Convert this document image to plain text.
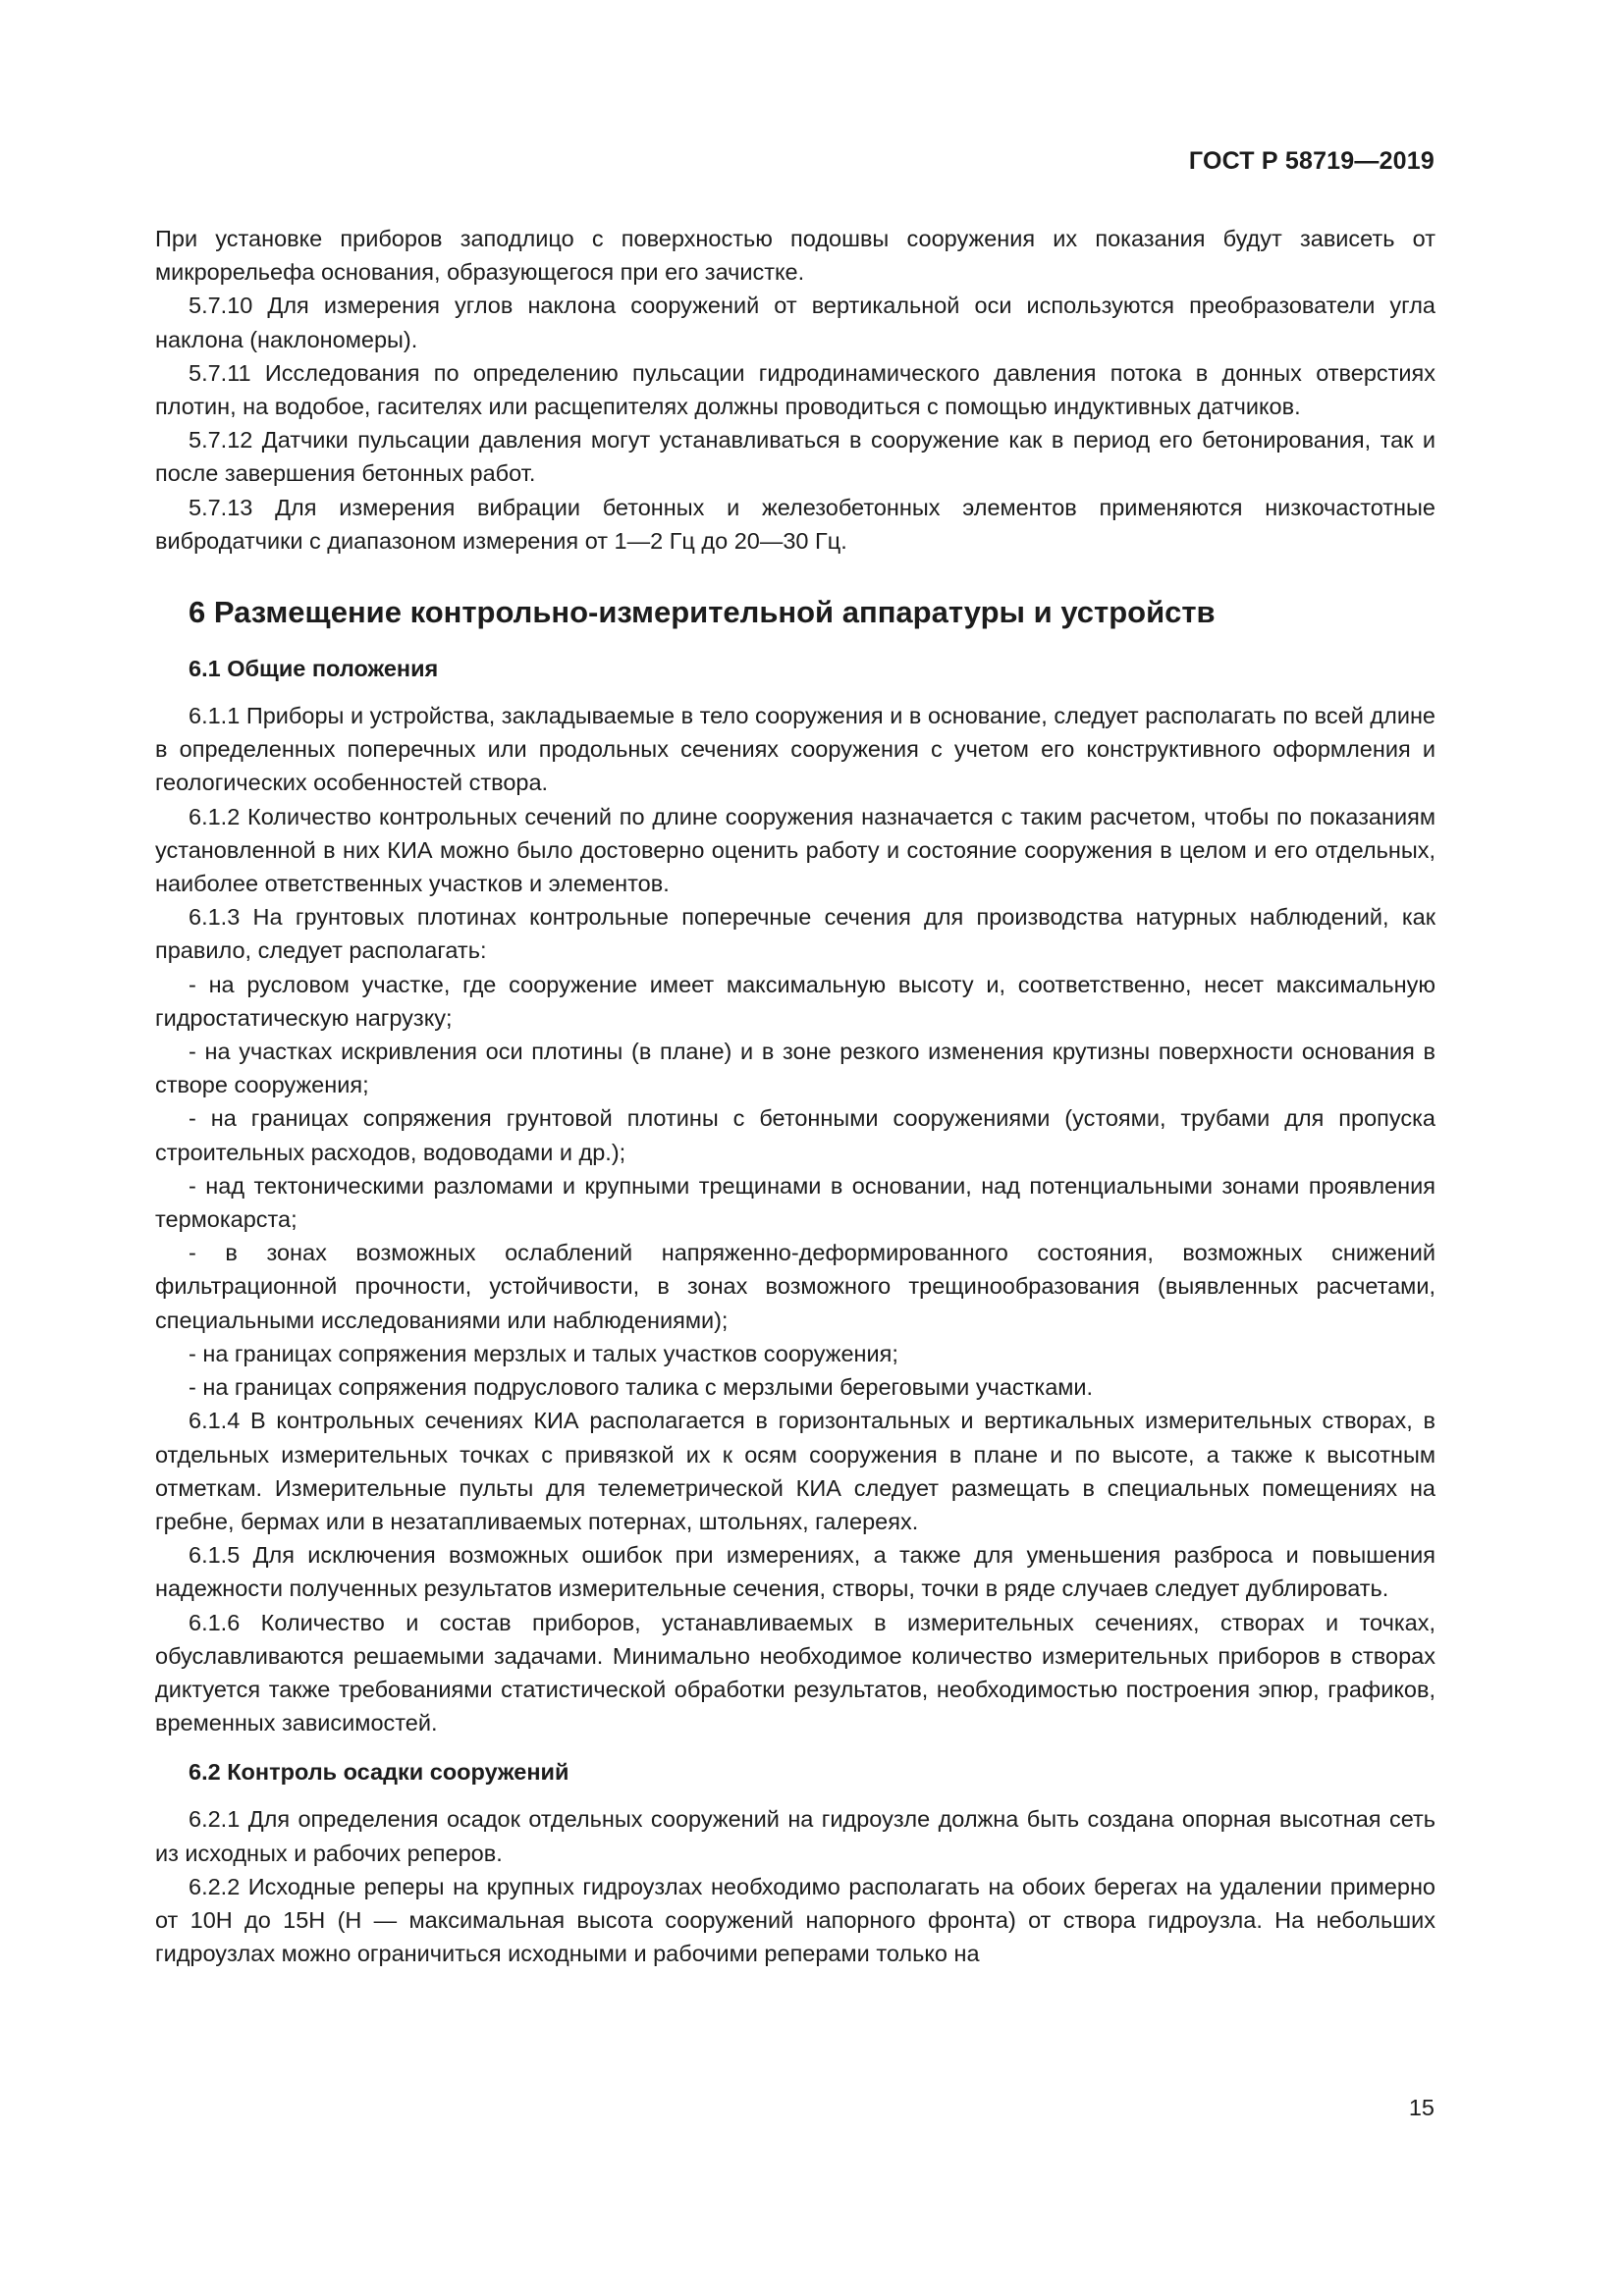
ГОСТ Р 58719—2019

При установке приборов заподлицо с поверхностью подошвы сооружения их показания будут зависеть от микрорельефа основания, образующегося при его зачистке.

5.7.10 Для измерения углов наклона сооружений от вертикальной оси используются преобразователи угла наклона (наклономеры).

5.7.11 Исследования по определению пульсации гидродинамического давления потока в донных отверстиях плотин, на водобое, гасителях или расщепителях должны проводиться с помощью индуктивных датчиков.

5.7.12 Датчики пульсации давления могут устанавливаться в сооружение как в период его бетонирования, так и после завершения бетонных работ.

5.7.13 Для измерения вибрации бетонных и железобетонных элементов применяются низкочастотные вибродатчики с диапазоном измерения от 1—2 Гц до 20—30 Гц.

6 Размещение контрольно-измерительной аппаратуры и устройств
6.1 Общие положения

6.1.1 Приборы и устройства, закладываемые в тело сооружения и в основание, следует располагать по всей длине в определенных поперечных или продольных сечениях сооружения с учетом его конструктивного оформления и геологических особенностей створа.

6.1.2 Количество контрольных сечений по длине сооружения назначается с таким расчетом, чтобы по показаниям установленной в них КИА можно было достоверно оценить работу и состояние сооружения в целом и его отдельных, наиболее ответственных участков и элементов.

6.1.3 На грунтовых плотинах контрольные поперечные сечения для производства натурных наблюдений, как правило, следует располагать:

- на русловом участке, где сооружение имеет максимальную высоту и, соответственно, несет максимальную гидростатическую нагрузку;

- на участках искривления оси плотины (в плане) и в зоне резкого изменения крутизны поверхности основания в створе сооружения;

- на границах сопряжения грунтовой плотины с бетонными сооружениями (устоями, трубами для пропуска строительных расходов, водоводами и др.);

- над тектоническими разломами и крупными трещинами в основании, над потенциальными зонами проявления термокарста;

- в зонах возможных ослаблений напряженно-деформированного состояния, возможных снижений фильтрационной прочности, устойчивости, в зонах возможного трещинообразования (выявленных расчетами, специальными исследованиями или наблюдениями);

- на границах сопряжения мерзлых и талых участков сооружения;

- на границах сопряжения подруслового талика с мерзлыми береговыми участками.

6.1.4 В контрольных сечениях КИА располагается в горизонтальных и вертикальных измерительных створах, в отдельных измерительных точках с привязкой их к осям сооружения в плане и по высоте, а также к высотным отметкам. Измерительные пульты для телеметрической КИА следует размещать в специальных помещениях на гребне, бермах или в незатапливаемых потернах, штольнях, галереях.

6.1.5 Для исключения возможных ошибок при измерениях, а также для уменьшения разброса и повышения надежности полученных результатов измерительные сечения, створы, точки в ряде случаев следует дублировать.

6.1.6 Количество и состав приборов, устанавливаемых в измерительных сечениях, створах и точках, обуславливаются решаемыми задачами. Минимально необходимое количество измерительных приборов в створах диктуется также требованиями статистической обработки результатов, необходимостью построения эпюр, графиков, временных зависимостей.

6.2 Контроль осадки сооружений

6.2.1 Для определения осадок отдельных сооружений на гидроузле должна быть создана опорная высотная сеть из исходных и рабочих реперов.

6.2.2 Исходные реперы на крупных гидроузлах необходимо располагать на обоих берегах на удалении примерно от 10Н до 15Н (Н — максимальная высота сооружений напорного фронта) от створа гидроузла. На небольших гидроузлах можно ограничиться исходными и рабочими реперами только на

15
